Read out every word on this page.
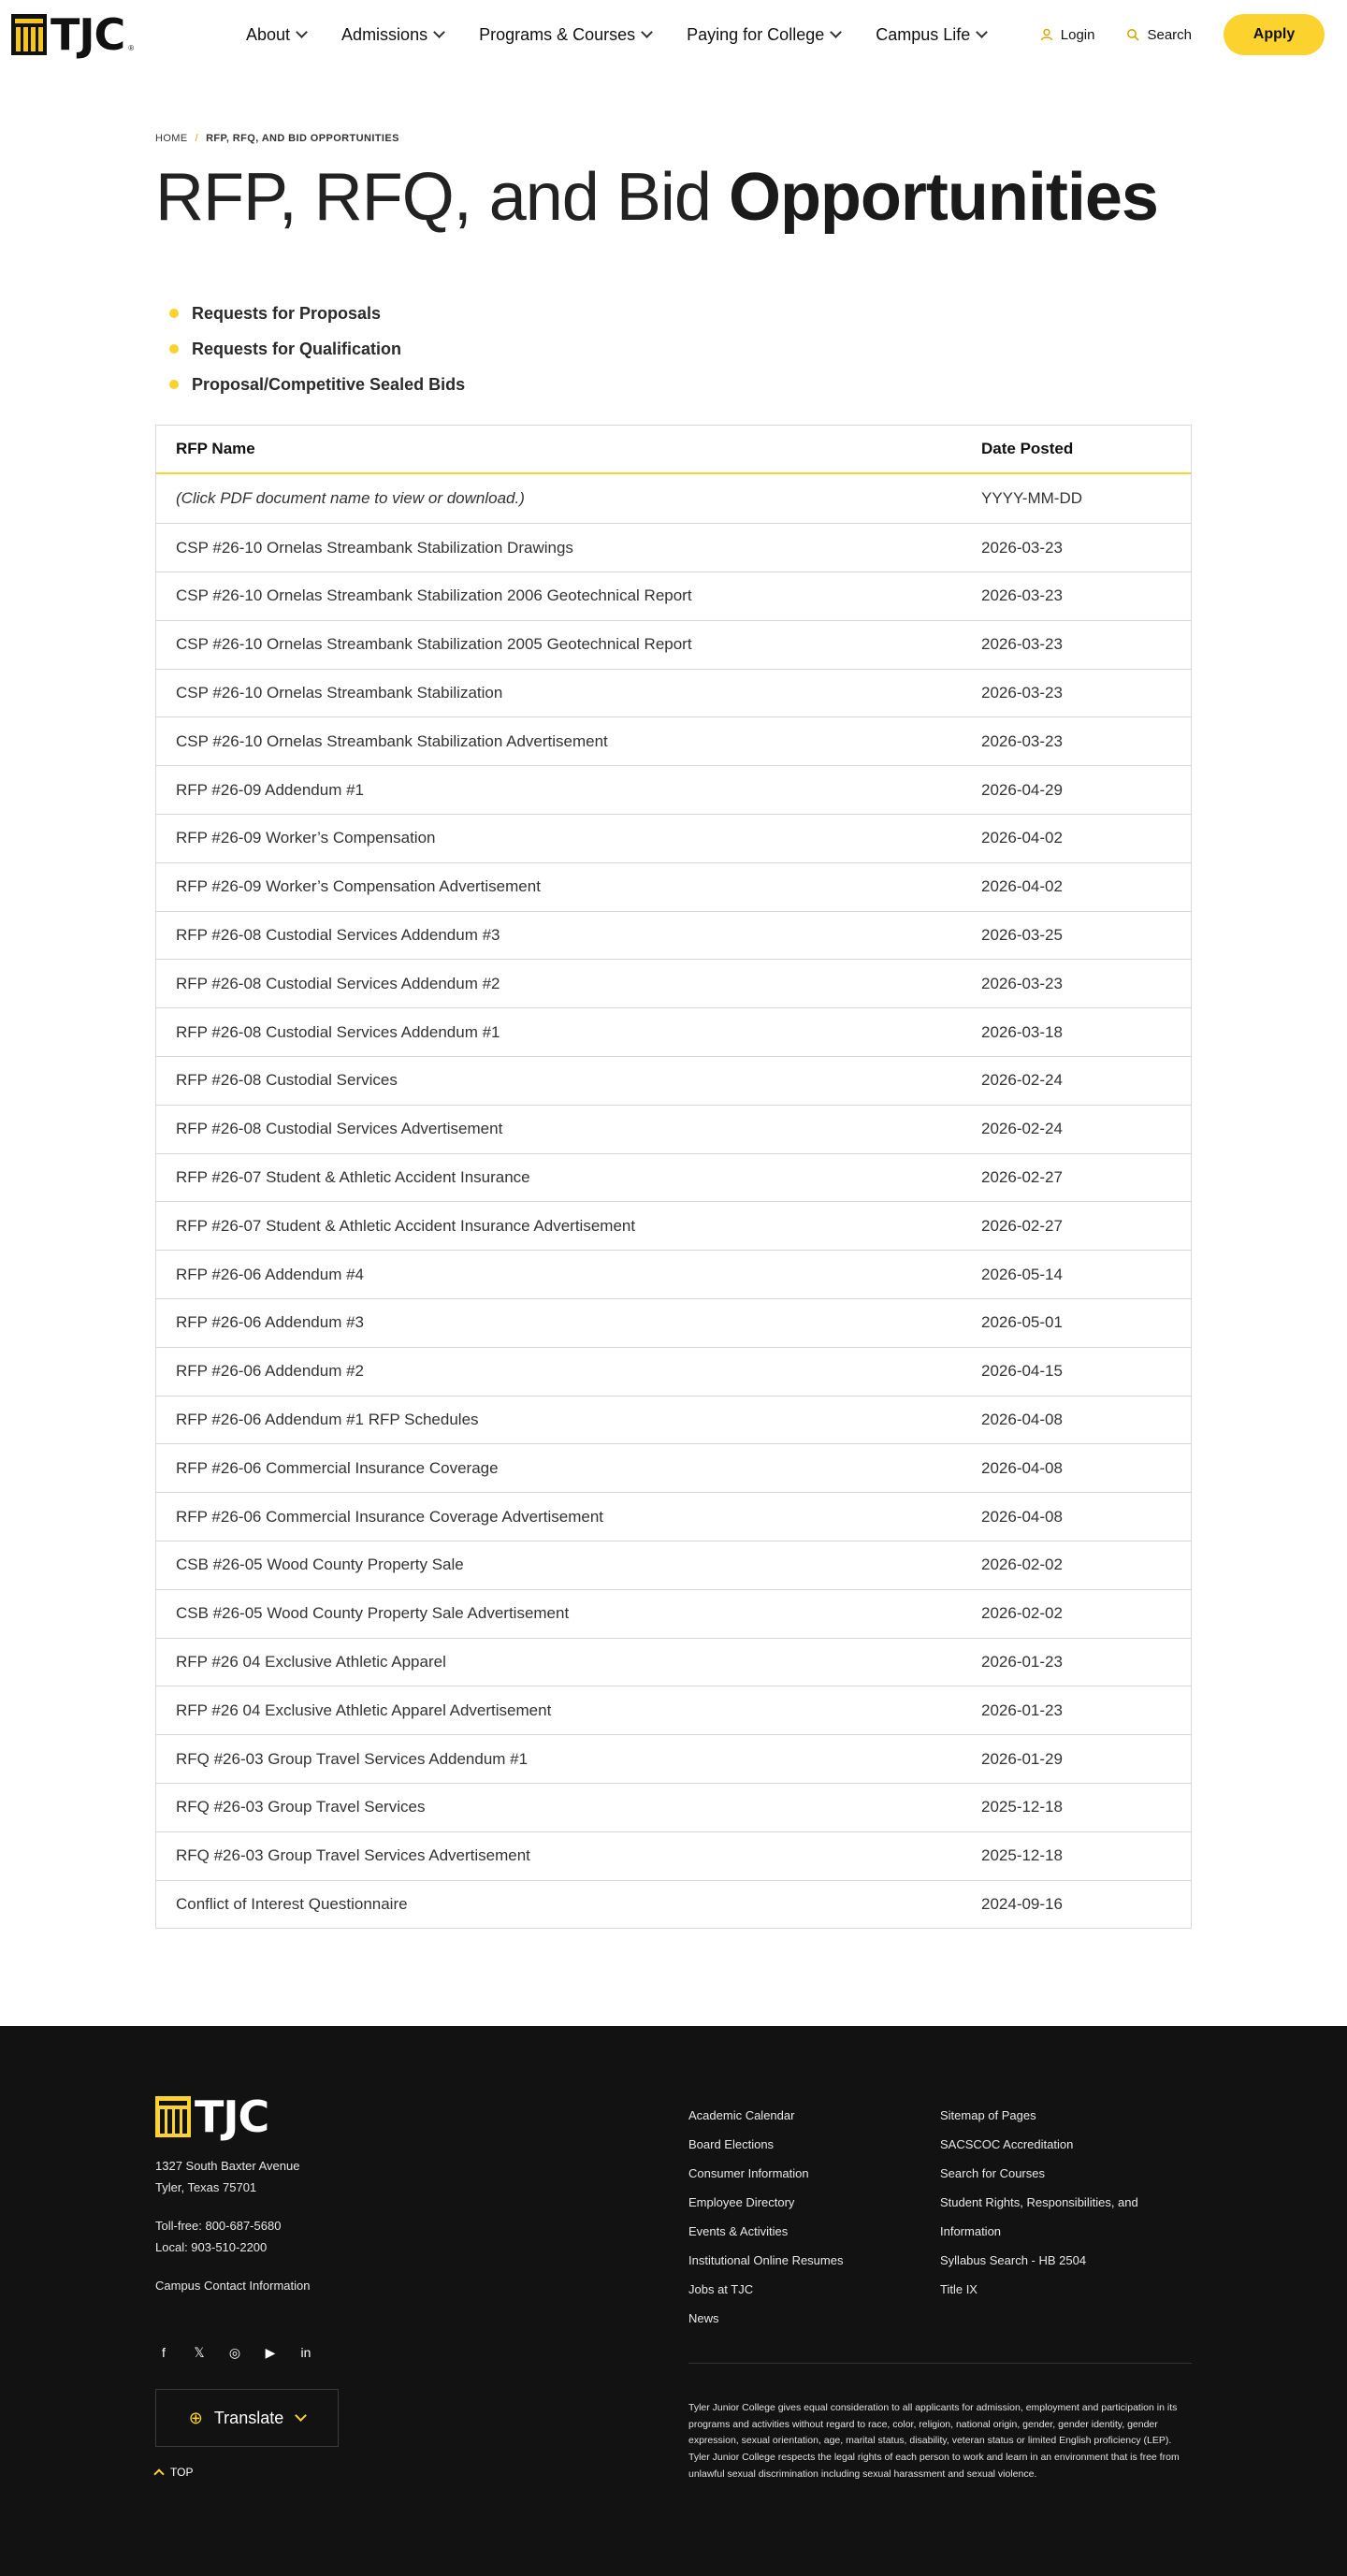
TJC ®
About	Admissions	Programs & Courses	Paying for College	Campus Life	Login	Search	Apply
HOME / RFP, RFQ, AND BID OPPORTUNITIES
RFP, RFQ, and Bid Opportunities
Requests for Proposals
Requests for Qualification
Proposal/Competitive Sealed Bids
RFP Name	Date Posted
(Click PDF document name to view or download.)	YYYY-MM-DD
CSP #26-10 Ornelas Streambank Stabilization Drawings	2026-03-23
CSP #26-10 Ornelas Streambank Stabilization 2006 Geotechnical Report	2026-03-23
CSP #26-10 Ornelas Streambank Stabilization 2005 Geotechnical Report	2026-03-23
CSP #26-10 Ornelas Streambank Stabilization	2026-03-23
CSP #26-10 Ornelas Streambank Stabilization Advertisement	2026-03-23
RFP #26-09 Addendum #1	2026-04-29
RFP #26-09 Worker’s Compensation	2026-04-02
RFP #26-09 Worker’s Compensation Advertisement	2026-04-02
RFP #26-08 Custodial Services Addendum #3	2026-03-25
RFP #26-08 Custodial Services Addendum #2	2026-03-23
RFP #26-08 Custodial Services Addendum #1	2026-03-18
RFP #26-08 Custodial Services	2026-02-24
RFP #26-08 Custodial Services Advertisement	2026-02-24
RFP #26-07 Student & Athletic Accident Insurance	2026-02-27
RFP #26-07 Student & Athletic Accident Insurance Advertisement	2026-02-27
RFP #26-06 Addendum #4	2026-05-14
RFP #26-06 Addendum #3	2026-05-01
RFP #26-06 Addendum #2	2026-04-15
RFP #26-06 Addendum #1 RFP Schedules	2026-04-08
RFP #26-06 Commercial Insurance Coverage	2026-04-08
RFP #26-06 Commercial Insurance Coverage Advertisement	2026-04-08
CSB #26-05 Wood County Property Sale	2026-02-02
CSB #26-05 Wood County Property Sale Advertisement	2026-02-02
RFP #26 04 Exclusive Athletic Apparel	2026-01-23
RFP #26 04 Exclusive Athletic Apparel Advertisement	2026-01-23
RFQ #26-03 Group Travel Services Addendum #1	2026-01-29
RFQ #26-03 Group Travel Services	2025-12-18
RFQ #26-03 Group Travel Services Advertisement	2025-12-18
Conflict of Interest Questionnaire	2024-09-16
TJC
1327 South Baxter Avenue
Tyler, Texas 75701
Toll-free: 800-687-5680
Local: 903-510-2200
Campus Contact Information
f	𝕏 ◎ ▶ in
⊕ Translate
TOP
Academic Calendar
Board Elections
Consumer Information
Employee Directory
Events & Activities
Institutional Online Resumes
Jobs at TJC
News
Sitemap of Pages
SACSCOC Accreditation
Search for Courses
Student Rights, Responsibilities, and Information
Syllabus Search - HB 2504
Title IX
Tyler Junior College gives equal consideration to all applicants for admission, employment and participation in its programs and activities without regard to race, color, religion, national origin, gender, gender identity, gender expression, sexual orientation, age, marital status, disability, veteran status or limited English proficiency (LEP). Tyler Junior College respects the legal rights of each person to work and learn in an environment that is free from unlawful sexual discrimination including sexual harassment and sexual violence.
